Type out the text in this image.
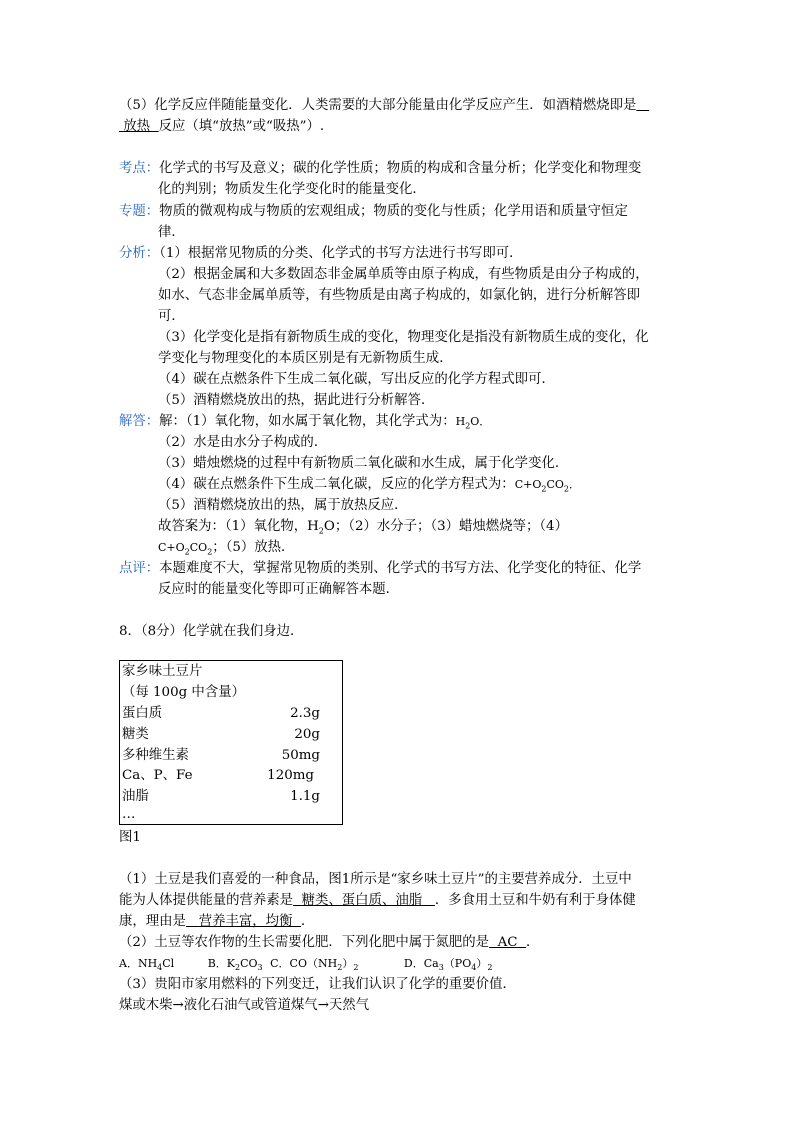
（5）化学反应伴随能量变化．人类需要的大部分能量由化学反应产生．如酒精燃烧即是
放热 反应（填“放热”或“吸热”）.
考点：化学式的书写及意义；碳的化学性质；物质的构成和含量分析；化学变化和物理变
化的判别；物质发生化学变化时的能量变化．
专题：物质的微观构成与物质的宏观组成；物质的变化与性质；化学用语和质量守恒定
律．
分析：（1）根据常见物质的分类、化学式的书写方法进行书写即可．
（2）根据金属和大多数固态非金属单质等由原子构成，有些物质是由分子构成的，
如水、气态非金属单质等，有些物质是由离子构成的，如氯化钠，进行分析解答即
可．
（3）化学变化是指有新物质生成的变化，物理变化是指没有新物质生成的变化，化
学变化与物理变化的本质区别是有无新物质生成．
（4）碳在点燃条件下生成二氧化碳，写出反应的化学方程式即可．
（5）酒精燃烧放出的热，据此进行分析解答．
解答：解：（1）氧化物，如水属于氧化物，其化学式为：$H_2O$．
（2）水是由水分子构成的．
（3）蜡烛燃烧的过程中有新物质二氧化碳和水生成，属于化学变化．
（4）碳在点燃条件下生成二氧化碳，反应的化学方程式为：$C+O_2CO_2$．
（5）酒精燃烧放出的热，属于放热反应．
故答案为：（1）氧化物，$H_2O$；（2）水分子；（3）蜡烛燃烧等；（4）
$C+O_2CO_2$；（5）放热．
点评：本题难度不大，掌握常见物质的类别、化学式的书写方法、化学变化的特征、化学
反应时的能量变化等即可正确解答本题．
8．（8分）化学就在我们身边．
家乡味土豆片
（每 100g 中含量）
蛋白质	2.3g
糖类	20g
多种维生素	50mg
Ca、P、Fe	120mg
油脂	1.1g
…
图1
（1）土豆是我们喜爱的一种食品，图1所示是“家乡味土豆片”的主要营养成分．土豆中
能为人体提供能量的营养素是 糖类、蛋白质、油脂 ．多食用土豆和牛奶有利于身体健
康，理由是 营养丰富，均衡 ．
（2）土豆等农作物的生长需要化肥．下列化肥中属于氮肥的是 AC ．
A．$NH_4Cl$	B．$K_2CO_3$ C．$CO(NH_2)_2$	D．$Ca_3(PO_4)_2$
（3）贵阳市家用燃料的下列变迁，让我们认识了化学的重要价值．
煤或木柴→液化石油气或管道煤气→天然气
